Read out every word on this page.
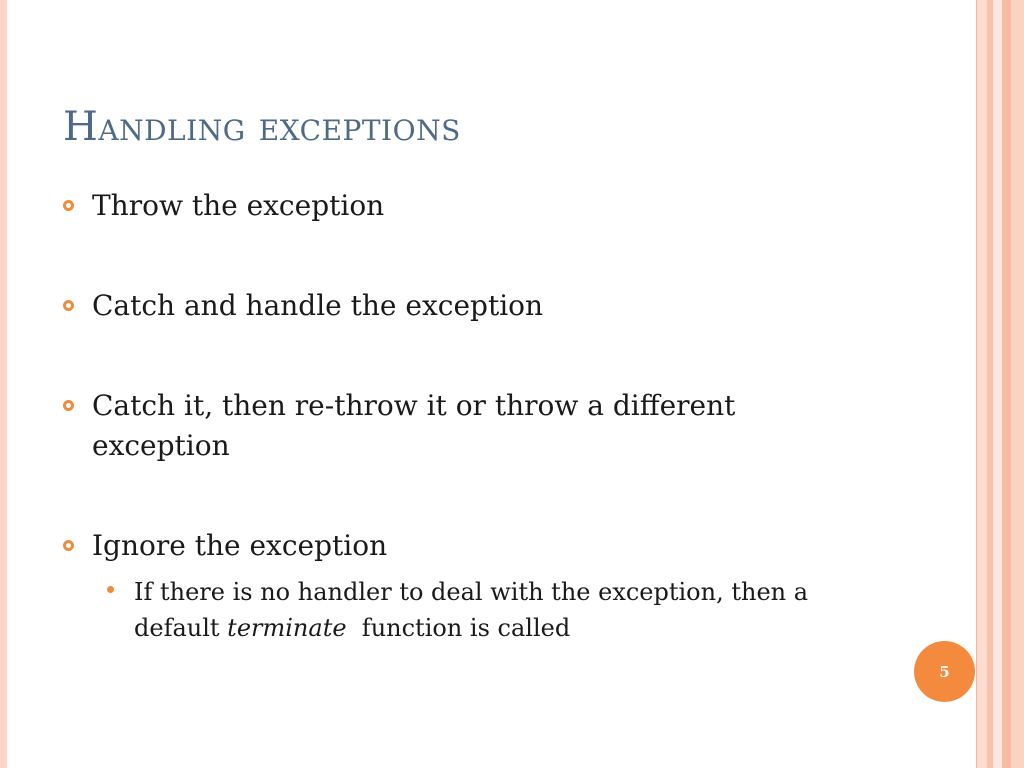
Handling exceptions
Throw the exception
Catch and handle the exception
Catch it, then re-throw it or throw a different exception
Ignore the exception
If there is no handler to deal with the exception, then a default terminate  function is called
5
